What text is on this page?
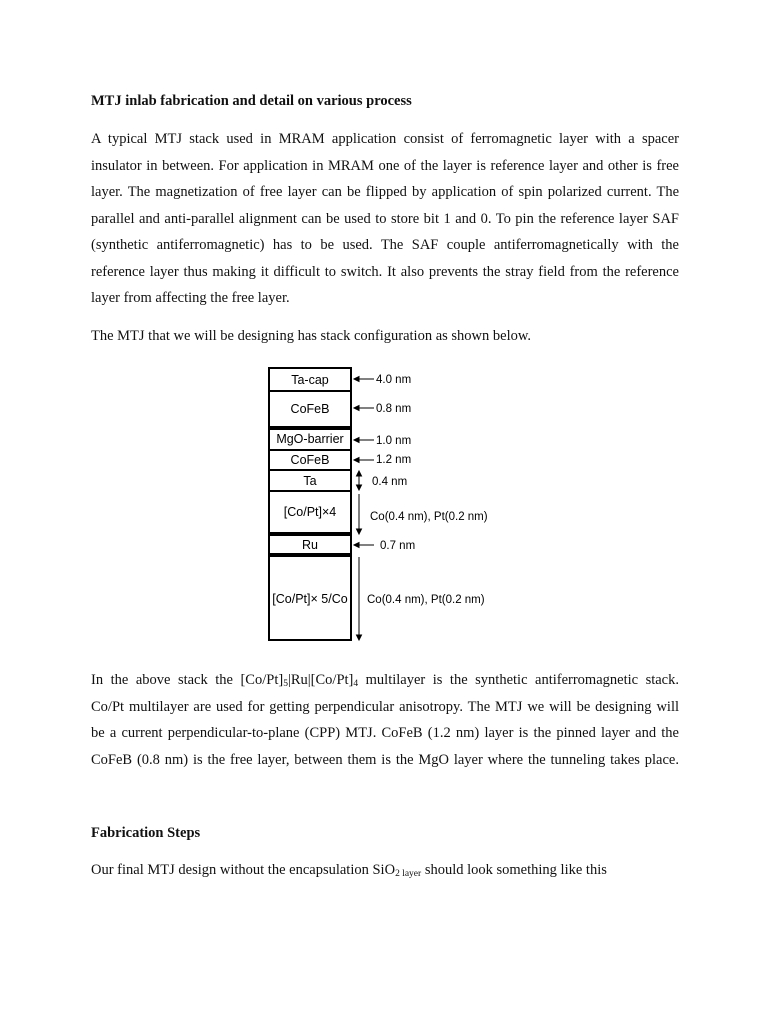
MTJ inlab fabrication and detail on various process
A typical MTJ stack used in MRAM application consist of ferromagnetic layer with a spacer
insulator in between. For application in MRAM one of the layer is reference layer and other is free
layer. The magnetization of free layer can be flipped by application of spin polarized current. The
parallel and anti-parallel alignment can be used to store bit 1 and 0. To pin the reference layer SAF
(synthetic antiferromagnetic) has to be used. The SAF couple antiferromagnetically with the
reference layer thus making it difficult to switch. It also prevents the stray field from the reference
layer from affecting the free layer.
The MTJ that we will be designing has stack configuration as shown below.
Ta-cap
CoFeB
MgO-barrier
CoFeB
Ta
[Co/Pt]×4
Ru
[Co/Pt]× 5/Co
4.0 nm
0.8 nm
1.0 nm
1.2 nm
0.4 nm
Co(0.4 nm), Pt(0.2 nm)
0.7 nm
Co(0.4 nm), Pt(0.2 nm)
In the above stack the $[Co/Pt]_5|Ru|[Co/Pt]_4$ multilayer is the synthetic antiferromagnetic stack.
Co/Pt multilayer are used for getting perpendicular anisotropy. The MTJ we will be designing will
be a current perpendicular-to-plane (CPP) MTJ. CoFeB (1.2 nm) layer is the pinned layer and the
CoFeB (0.8 nm) is the free layer, between them is the MgO layer where the tunneling takes place.
Fabrication Steps
Our final MTJ design without the encapsulation SiO$_{2 layer}$ should look something like this
